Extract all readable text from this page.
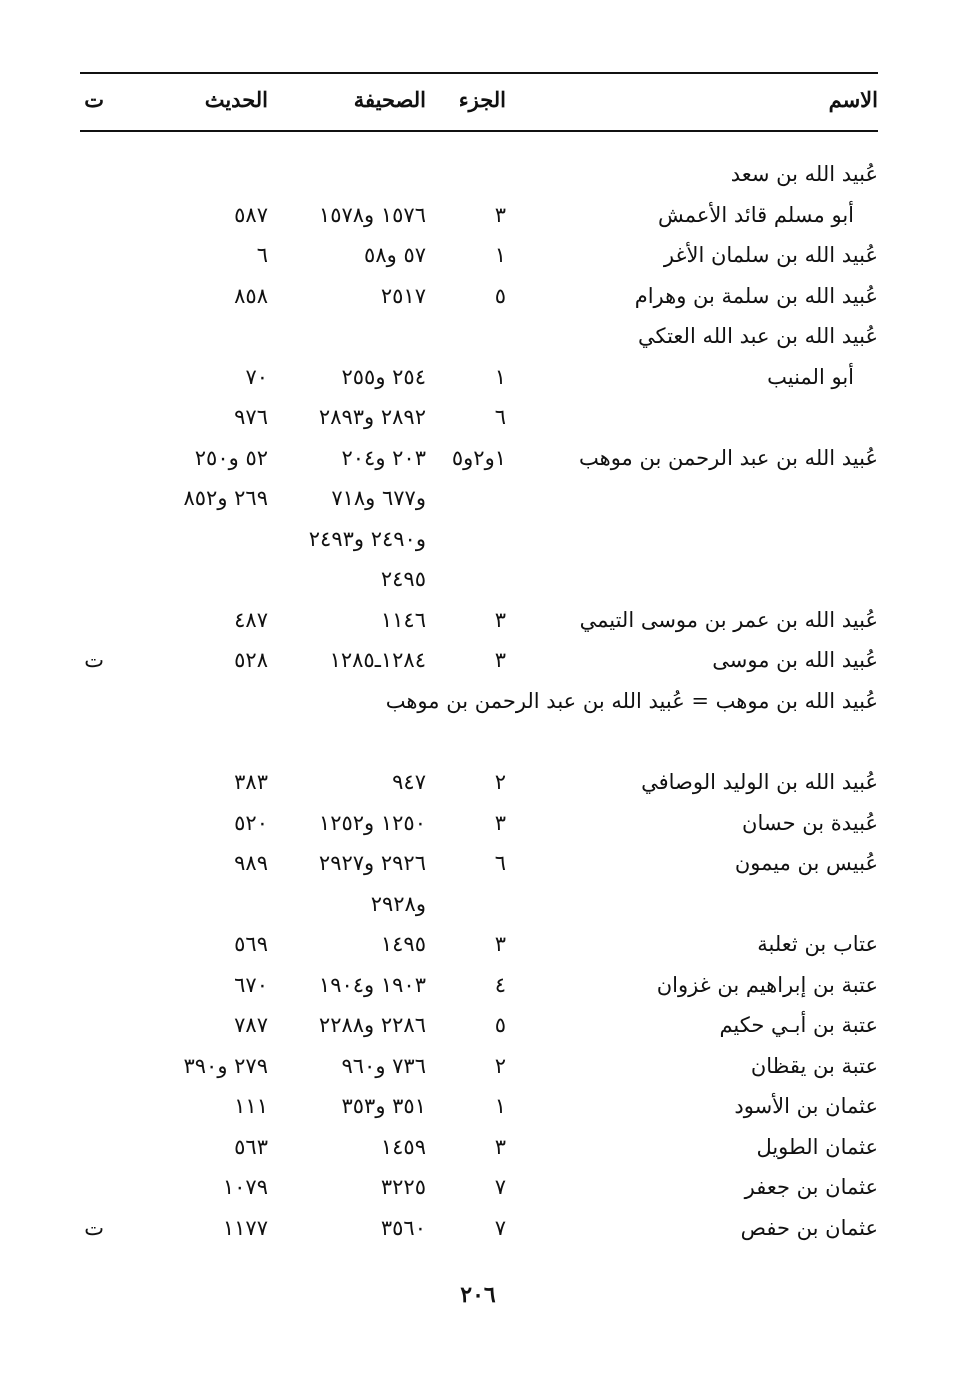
الاسم
الجزء
الصحيفة
الحديث
ت
عُبيد الله بن سعد
أبو مسلم قائد الأعمش
٣
١٥٧٦ و١٥٧٨
٥٨٧
عُبيد الله بن سلمان الأغر
١
٥٧ و٥٨
٦
عُبيد الله بن سلمة بن وهرام
٥
٢٥١٧
٨٥٨
عُبيد الله بن عبد الله العتكي
أبو المنيب
١
٢٥٤ و٢٥٥
٧٠
٦
٢٨٩٢ و٢٨٩٣
٩٧٦
عُبيد الله بن عبد الرحمن بن موهب
١و٢و٥
٢٠٣ و٢٠٤
٥٢ و٢٥٠
و٦٧٧ و٧١٨
٢٦٩ و٨٥٢
و٢٤٩٠ و٢٤٩٣
٢٤٩٥
عُبيد الله بن عمر بن موسى التيمي
٣
١١٤٦
٤٨٧
عُبيد الله بن موسى
٣
١٢٨٤ـ١٢٨٥
٥٢٨
ت
عُبيد الله بن موهب = عُبيد الله بن عبد الرحمن بن موهب
عُبيد الله بن الوليد الوصافي
٢
٩٤٧
٣٨٣
عُبيدة بن حسان
٣
١٢٥٠ و١٢٥٢
٥٢٠
عُبيس بن ميمون
٦
٢٩٢٦ و٢٩٢٧
٩٨٩
و٢٩٢٨
عتاب بن ثعلبة
٣
١٤٩٥
٥٦٩
عتبة بن إبراهيم بن غزوان
٤
١٩٠٣ و١٩٠٤
٦٧٠
عتبة بن أبـي حكيم
٥
٢٢٨٦ و٢٢٨٨
٧٨٧
عتبة بن يقظان
٢
٧٣٦ و٩٦٠
٢٧٩ و٣٩٠
عثمان بن الأسود
١
٣٥١ و٣٥٣
١١١
عثمان الطويل
٣
١٤٥٩
٥٦٣
عثمان بن جعفر
٧
٣٢٢٥
١٠٧٩
عثمان بن حفص
٧
٣٥٦٠
١١٧٧
ت
٢٠٦
